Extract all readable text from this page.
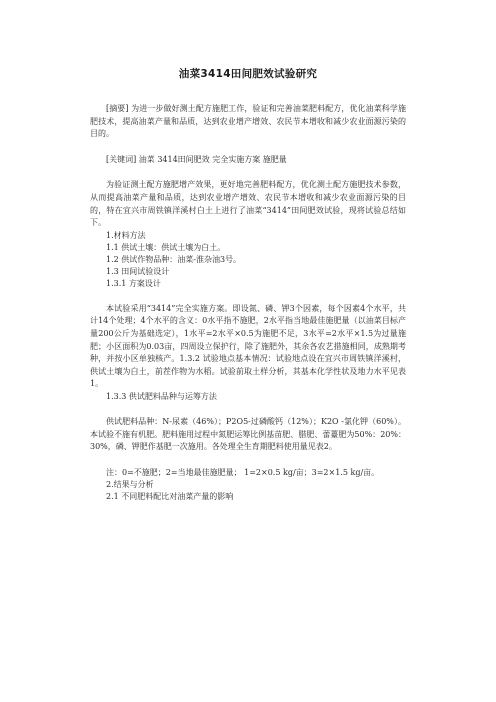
油菜3414田间肥效试验研究

[摘要] 为进一步做好测土配方施肥工作，验证和完善油菜肥料配方，优化油菜科学施肥技术，提高油菜产量和品质，达到农业增产增效、农民节本增收和减少农业面源污染的目的。

[关键词] 油菜 3414田间肥效 完全实施方案 施肥量

为验证测土配方施肥增产效果，更好地完善肥料配方，优化测土配方施肥技术参数，从而提高油菜产量和品质，达到农业增产增效、农民节本增收和减少农业面源污染的目的，特在宜兴市周铁镇洋溪村白土上进行了油菜“3414”田间肥效试验，现将试验总结如下。

1.材料方法

1.1 供试土壤：供试土壤为白土。

1.2 供试作物品种：油菜-淮杂油3号。

1.3 田间试验设计

1.3.1 方案设计

本试验采用“3414”完全实施方案。即设氮、磷、钾3个因素，每个因素4个水平，共计14个处理；4个水平的含义：0水平指不施肥，2水平指当地最佳施肥量（以油菜目标产量200公斤为基础选定），1水平=2水平×0.5为施肥不足，3水平=2水平×1.5为过量施肥；小区面积为0.03亩，四周设立保护行，除了施肥外，其余各农艺措施相同，成熟期考种，并按小区单独核产。1.3.2 试验地点基本情况：试验地点设在宜兴市周铁镇洋溪村，供试土壤为白土，前茬作物为水稻。试验前取土样分析，其基本化学性状及地力水平见表1。

1.3.3 供试肥料品种与运筹方法

供试肥料品种：N-尿素（46%）；P2O5-过磷酸钙（12%）；K2O -氯化钾（60%）。本试验不施有机肥。肥料施用过程中氮肥运筹比例基苗肥、腊肥、蕾薹肥为50%：20%：30%，磷、钾肥作基肥一次施用。各处理全生育期肥料使用量见表2。

注：0=不施肥；2=当地最佳施肥量； 1=2×0.5 kg/亩；3=2×1.5 kg/亩。

2.结果与分析

2.1 不同肥料配比对油菜产量的影响
